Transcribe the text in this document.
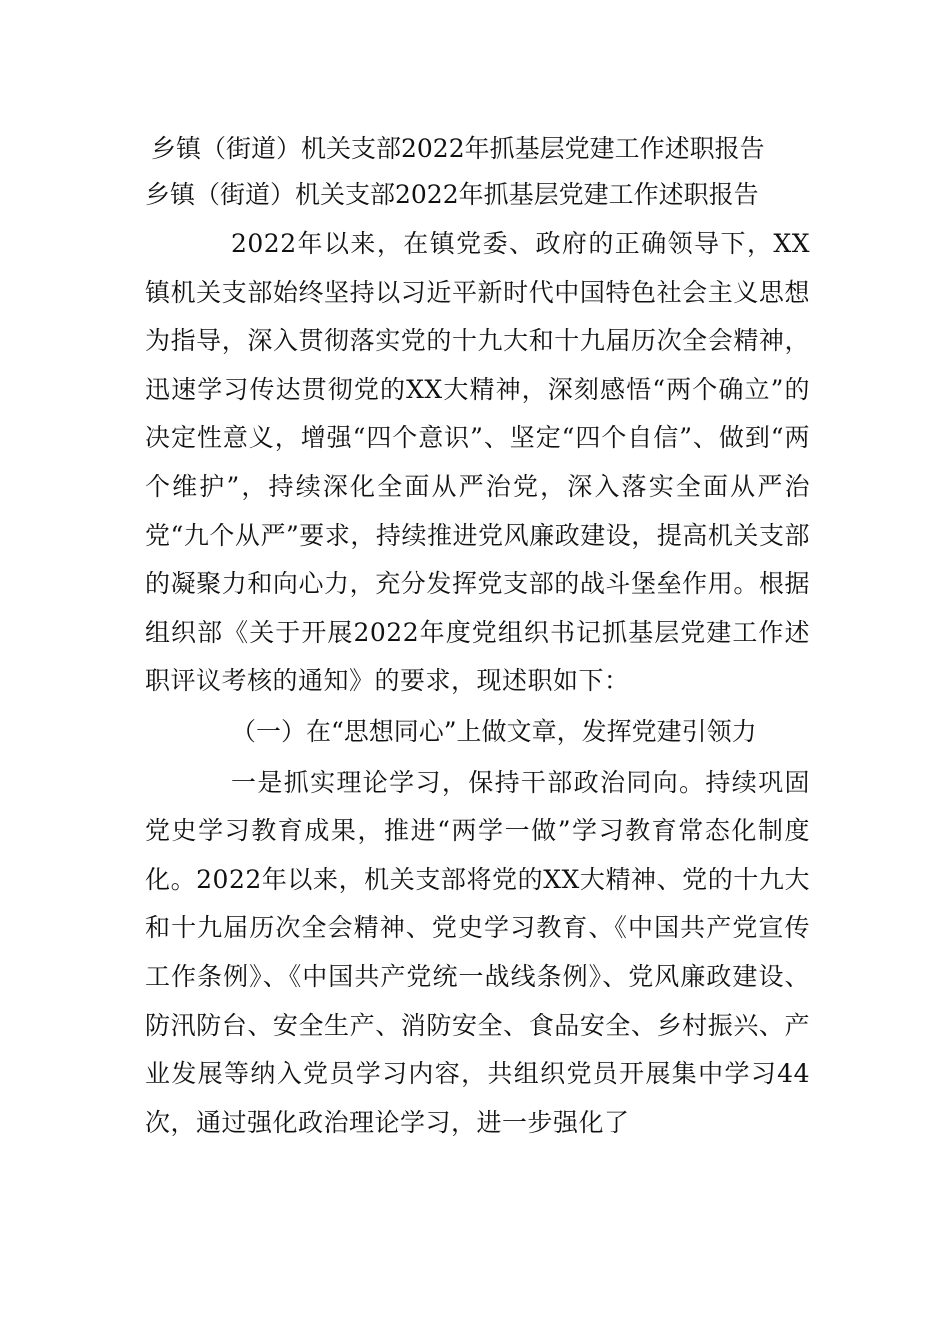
乡镇（街道）机关支部2022年抓基层党建工作述职报告

乡镇（街道）机关支部2022年抓基层党建工作述职报告

2022年以来，在镇党委、政府的正确领导下，XX镇机关支部始终坚持以习近平新时代中国特色社会主义思想为指导，深入贯彻落实党的十九大和十九届历次全会精神，迅速学习传达贯彻党的XX大精神，深刻感悟“两个确立”的决定性意义，增强“四个意识”、坚定“四个自信”、做到“两个维护”，持续深化全面从严治党，深入落实全面从严治党“九个从严”要求，持续推进党风廉政建设，提高机关支部的凝聚力和向心力，充分发挥党支部的战斗堡垒作用。根据组织部《关于开展2022年度党组织书记抓基层党建工作述职评议考核的通知》的要求，现述职如下：

（一）在“思想同心”上做文章，发挥党建引领力

一是抓实理论学习，保持干部政治同向。持续巩固党史学习教育成果，推进“两学一做”学习教育常态化制度化。2022年以来，机关支部将党的XX大精神、党的十九大和十九届历次全会精神、党史学习教育、《中国共产党宣传工作条例》、《中国共产党统一战线条例》、党风廉政建设、防汛防台、安全生产、消防安全、食品安全、乡村振兴、产业发展等纳入党员学习内容，共组织党员开展集中学习44次，通过强化政治理论学习，进一步强化了
